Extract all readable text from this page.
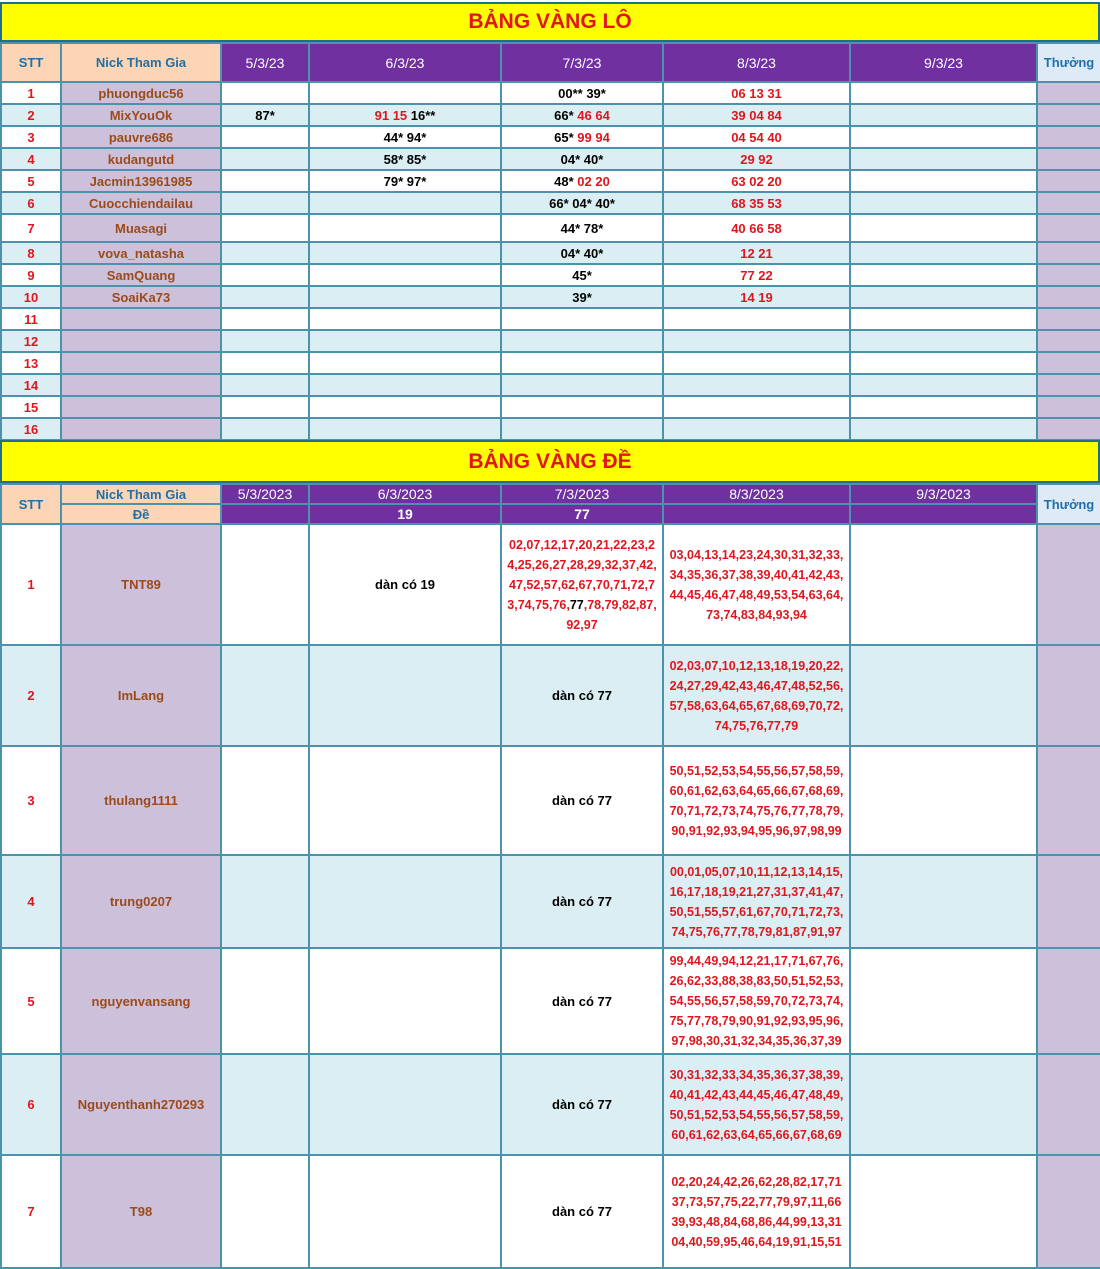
BẢNG VÀNG LÔ
STT	Nick Tham Gia	5/3/23	6/3/23	7/3/23	8/3/23	9/3/23	Thưởng
1	phuongduc56			00** 39*	06 13 31		

2	MixYouOk	87*	91 15 16**	66* 46 64	39 04 84		

3	pauvre686		44* 94*	65* 99 94	04 54 40		

4	kudangutd		58* 85*	04* 40*	29 92		

5	Jacmin13961985		79* 97*	48* 02 20	63 02 20		

6	Cuocchiendailau			66* 04* 40*	68 35 53		

7	Muasagi			44* 78*	40 66 58		

8	vova_natasha			04* 40*	12 21		

9	SamQuang			45*	77 22		

10	SoaiKa73			39*	14 19		

11		

12		

13		

14		

15		

16		

BẢNG VÀNG ĐỀ
STT	Nick Tham Gia	5/3/2023	6/3/2023	7/3/2023	8/3/2023	9/3/2023	Thưởng
	Đề		19	77			
1	TNT89		dàn có 19	02,07,12,17,20,21,22,23,24,25,26,27,28,29,32,37,42,47,52,57,62,67,70,71,72,73,74,75,76,77,78,79,82,87,92,97	03,04,13,14,23,24,30,31,32,33,34,35,36,37,38,39,40,41,42,43,44,45,46,47,48,49,53,54,63,64,73,74,83,84,93,94		

2	ImLang			dàn có 77	02,03,07,10,12,13,18,19,20,22,24,27,29,42,43,46,47,48,52,56,57,58,63,64,65,67,68,69,70,72,74,75,76,77,79		

3	thulang1111			dàn có 77	50,51,52,53,54,55,56,57,58,59,60,61,62,63,64,65,66,67,68,69,70,71,72,73,74,75,76,77,78,79,90,91,92,93,94,95,96,97,98,99		

4	trung0207			dàn có 77	00,01,05,07,10,11,12,13,14,15,16,17,18,19,21,27,31,37,41,47,50,51,55,57,61,67,70,71,72,73,74,75,76,77,78,79,81,87,91,97		

5	nguyenvansang			dàn có 77	99,44,49,94,12,21,17,71,67,76,26,62,33,88,38,83,50,51,52,53,54,55,56,57,58,59,70,72,73,74,75,77,78,79,90,91,92,93,95,96,97,98,30,31,32,34,35,36,37,39		

6	Nguyenthanh270293			dàn có 77	30,31,32,33,34,35,36,37,38,39,40,41,42,43,44,45,46,47,48,49,50,51,52,53,54,55,56,57,58,59,60,61,62,63,64,65,66,67,68,69		

7	T98			dàn có 77	02,20,24,42,26,62,28,82,17,71 37,73,57,75,22,77,79,97,11,66 39,93,48,84,68,86,44,99,13,31 04,40,59,95,46,64,19,91,15,51		
